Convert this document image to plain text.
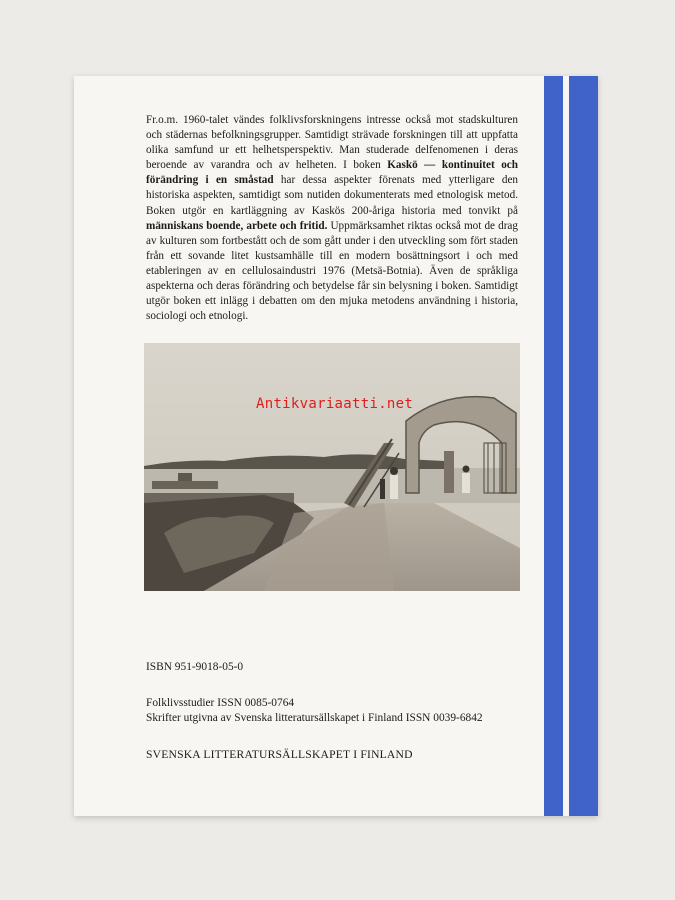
Fr.o.m. 1960-talet vändes folklivsforskningens intresse också mot stadskulturen och städernas befolkningsgrupper. Samtidigt strävade forskningen till att uppfatta olika samfund ur ett helhetsperspektiv. Man studerade delfenomenen i deras beroende av varandra och av helheten. I boken Kaskö — kontinuitet och förändring i en småstad har dessa aspekter förenats med ytterligare den historiska aspekten, samtidigt som nutiden dokumenterats med etnologisk metod. Boken utgör en kartläggning av Kaskös 200-åriga historia med tonvikt på människans boende, arbete och fritid. Uppmärksamhet riktas också mot de drag av kulturen som fortbestått och de som gått under i den utveckling som fört staden från ett sovande litet kustsamhälle till en modern bosättningsort i och med etableringen av en cellulosaindustri 1976 (Metsä-Botnia). Även de språkliga aspekterna och deras förändring och betydelse får sin belysning i boken. Samtidigt utgör boken ett inlägg i debatten om den mjuka metodens användning i historia, sociologi och etnologi.
Antikvariaatti.net
ISBN 951-9018-05-0
Folklivsstudier ISSN 0085-0764
Skrifter utgivna av Svenska litteratursällskapet i Finland ISSN 0039-6842
SVENSKA LITTERATURSÄLLSKAPET I FINLAND
